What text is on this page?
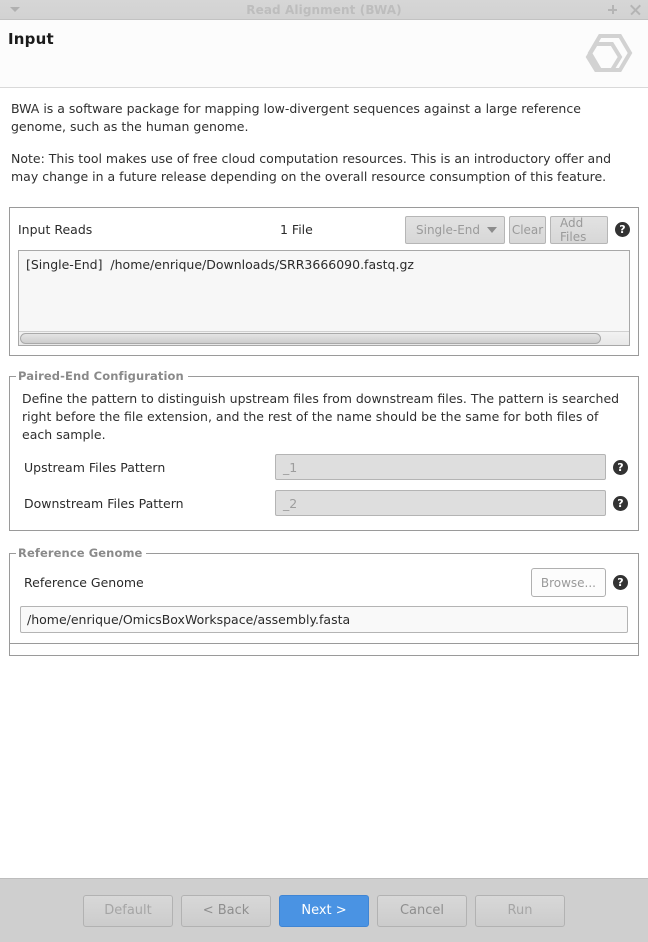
Read Alignment (BWA)
Input

BWA is a software package for mapping low-divergent sequences against a large reference genome, such as the human genome.

Note: This tool makes use of free cloud computation resources. This is an introductory offer and may change in a future release depending on the overall resource consumption of this feature.

Input Reads	1 File	Single-End	Clear	Add Files	?
[Single-End] /home/enrique/Downloads/SRR3666090.fastq.gz
Paired-End Configuration
Define the pattern to distinguish upstream files from downstream files. The pattern is searched right before the file extension, and the rest of the name should be the same for both files of each sample.
Upstream Files Pattern	_1	?
Downstream Files Pattern	_2	?
Reference Genome
Reference Genome	Browse...	?
/home/enrique/OmicsBoxWorkspace/assembly.fasta
Default	< Back	Next >	Cancel	Run
